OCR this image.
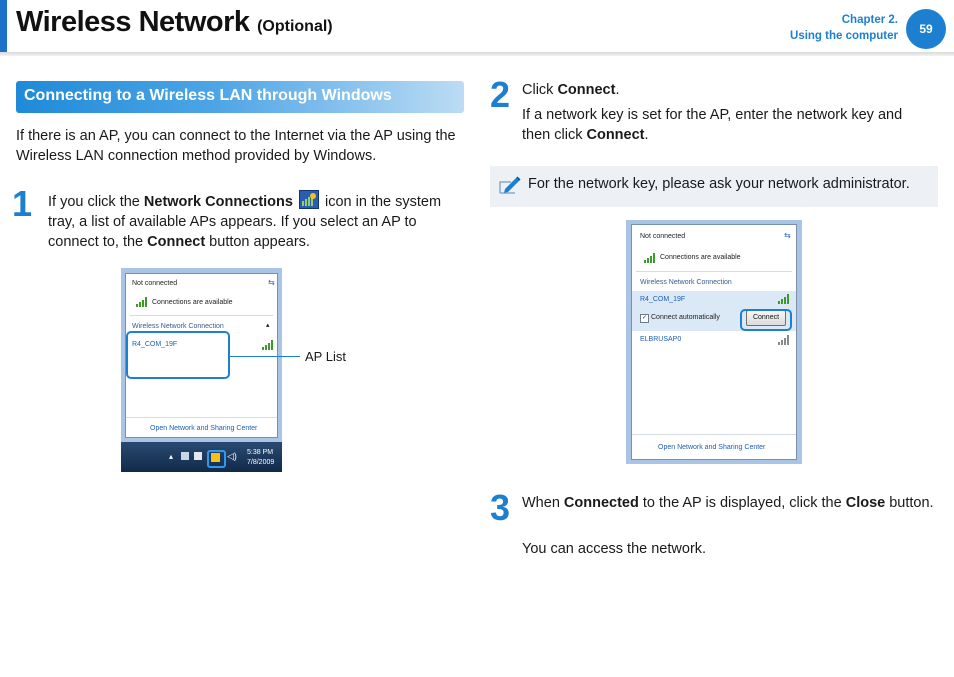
Wireless Network (Optional)	Chapter 2.
Using the computer 59
Connecting to a Wireless LAN through Windows
If there is an AP, you can connect to the Internet via the AP using the Wireless LAN connection method provided by Windows.
1 If you click the Network Connections
icon in the system tray, a list of available APs appears. If you select an AP to connect to, the Connect button appears.
Not connected	⇆
Connections are available
Wireless Network Connection	▴
R4_COM_19F
Open Network and Sharing Center
▴	◁) 5:38 PM
7/8/2009
AP List
2 Click Connect.
If a network key is set for the AP, enter the network key and then click Connect.
For the network key, please ask your network administrator.
Not connected	⇆
Connections are available
Wireless Network Connection
R4_COM_19F
✓ Connect automatically	Connect
ELBRUSAP0
Open Network and Sharing Center
3 When Connected to the AP is displayed, click the Close button.
You can access the network.
